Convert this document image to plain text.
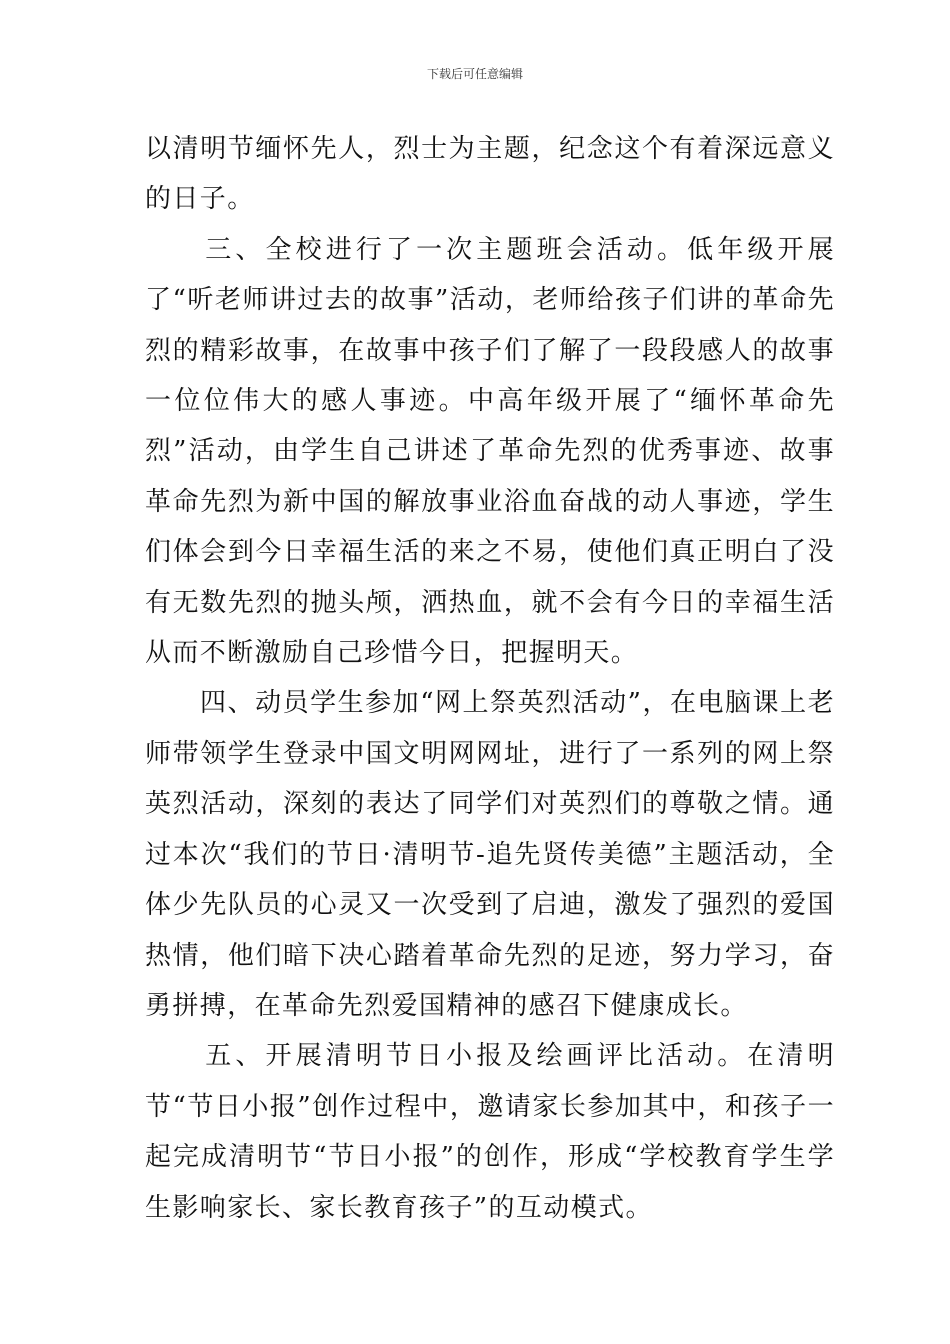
下载后可任意编辑

以清明节缅怀先人，烈士为主题，纪念这个有着深远意义的日子。

　　三、全校进行了一次主题班会活动。低年级开展了“听老师讲过去的故事”活动，老师给孩子们讲的革命先烈的精彩故事，在故事中孩子们了解了一段段感人的故事一位位伟大的感人事迹。中高年级开展了“缅怀革命先烈”活动，由学生自己讲述了革命先烈的优秀事迹、故事革命先烈为新中国的解放事业浴血奋战的动人事迹，学生们体会到今日幸福生活的来之不易，使他们真正明白了没有无数先烈的抛头颅，洒热血，就不会有今日的幸福生活从而不断激励自己珍惜今日，把握明天。

　　四、动员学生参加“网上祭英烈活动”，在电脑课上老师带领学生登录中国文明网网址，进行了一系列的网上祭英烈活动，深刻的表达了同学们对英烈们的尊敬之情。通过本次“我们的节日·清明节-追先贤传美德”主题活动，全体少先队员的心灵又一次受到了启迪，激发了强烈的爱国热情，他们暗下决心踏着革命先烈的足迹，努力学习，奋勇拼搏，在革命先烈爱国精神的感召下健康成长。

　　五、开展清明节日小报及绘画评比活动。在清明节“节日小报”创作过程中，邀请家长参加其中，和孩子一起完成清明节“节日小报”的创作，形成“学校教育学生学生影响家长、家长教育孩子”的互动模式。
